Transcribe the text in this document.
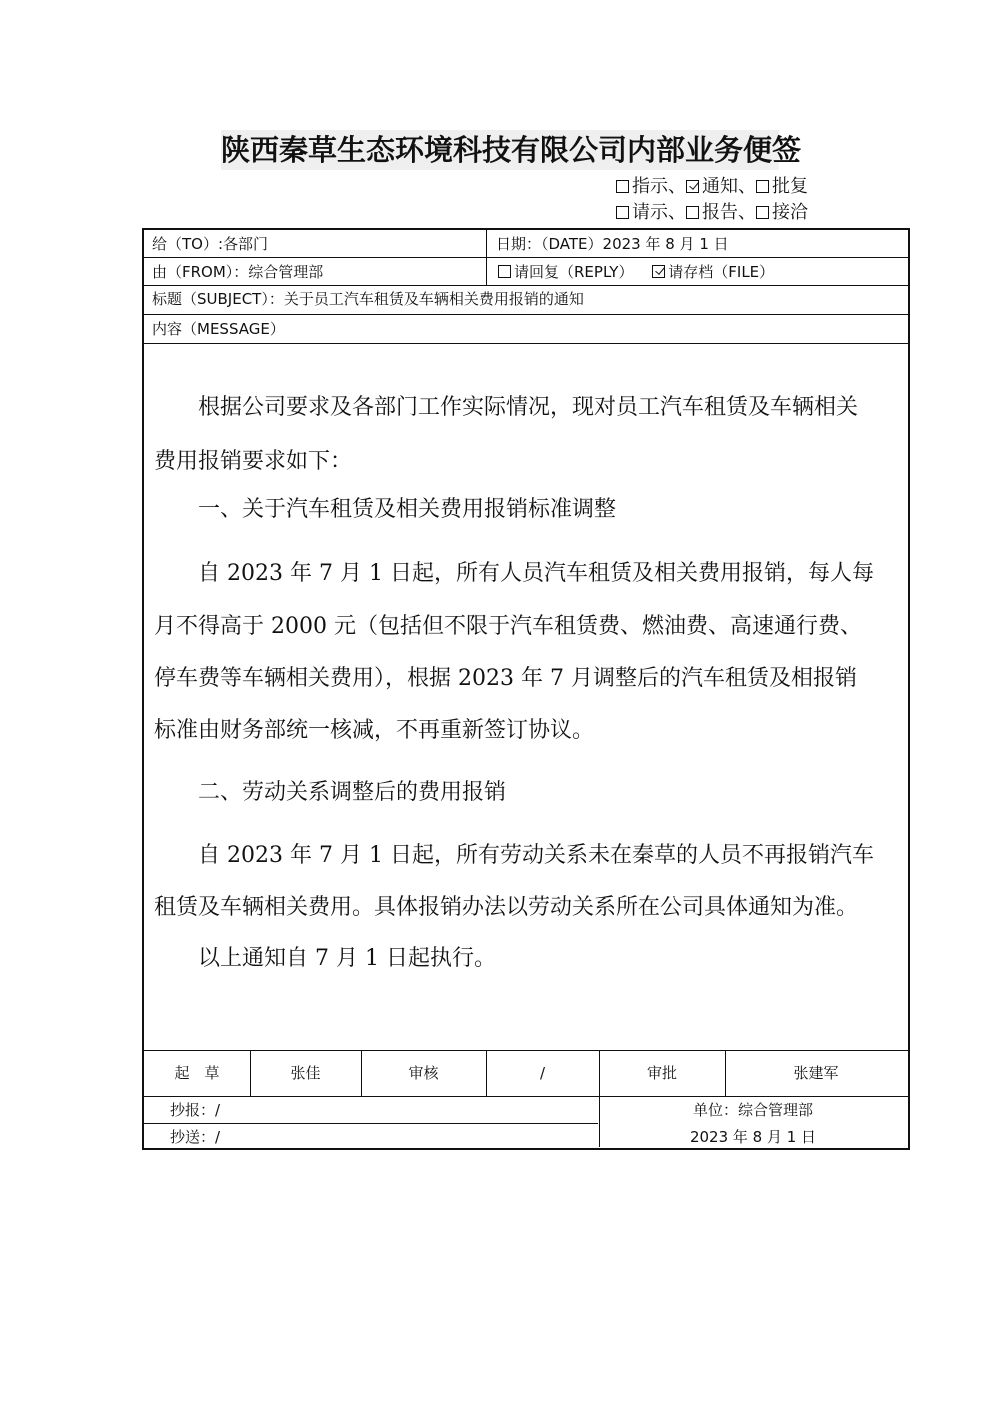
陕西秦草生态环境科技有限公司内部业务便签
指示、 通知、 批复
请示、 报告、 接洽
给（TO）:各部门	日期：（DATE）2023 年 8 月 1 日
由（FROM）：综合管理部	请回复（REPLY） 请存档（FILE）
标题（SUBJECT）：关于员工汽车租赁及车辆相关费用报销的通知
内容（MESSAGE）
　　根据公司要求及各部门工作实际情况，现对员工汽车租赁及车辆相关
费用报销要求如下：
　　一、关于汽车租赁及相关费用报销标准调整
　　自 2023 年 7 月 1 日起，所有人员汽车租赁及相关费用报销，每人每
月不得高于 2000 元（包括但不限于汽车租赁费、燃油费、高速通行费、
停车费等车辆相关费用），根据 2023 年 7 月调整后的汽车租赁及相报销
标准由财务部统一核减，不再重新签订协议。
　　二、劳动关系调整后的费用报销
　　自 2023 年 7 月 1 日起，所有劳动关系未在秦草的人员不再报销汽车
租赁及车辆相关费用。具体报销办法以劳动关系所在公司具体通知为准。
　　以上通知自 7 月 1 日起执行。
起　草	张佳	审核	/	审批	张建军
抄报：/
抄送：/
单位：综合管理部
2023 年 8 月 1 日
